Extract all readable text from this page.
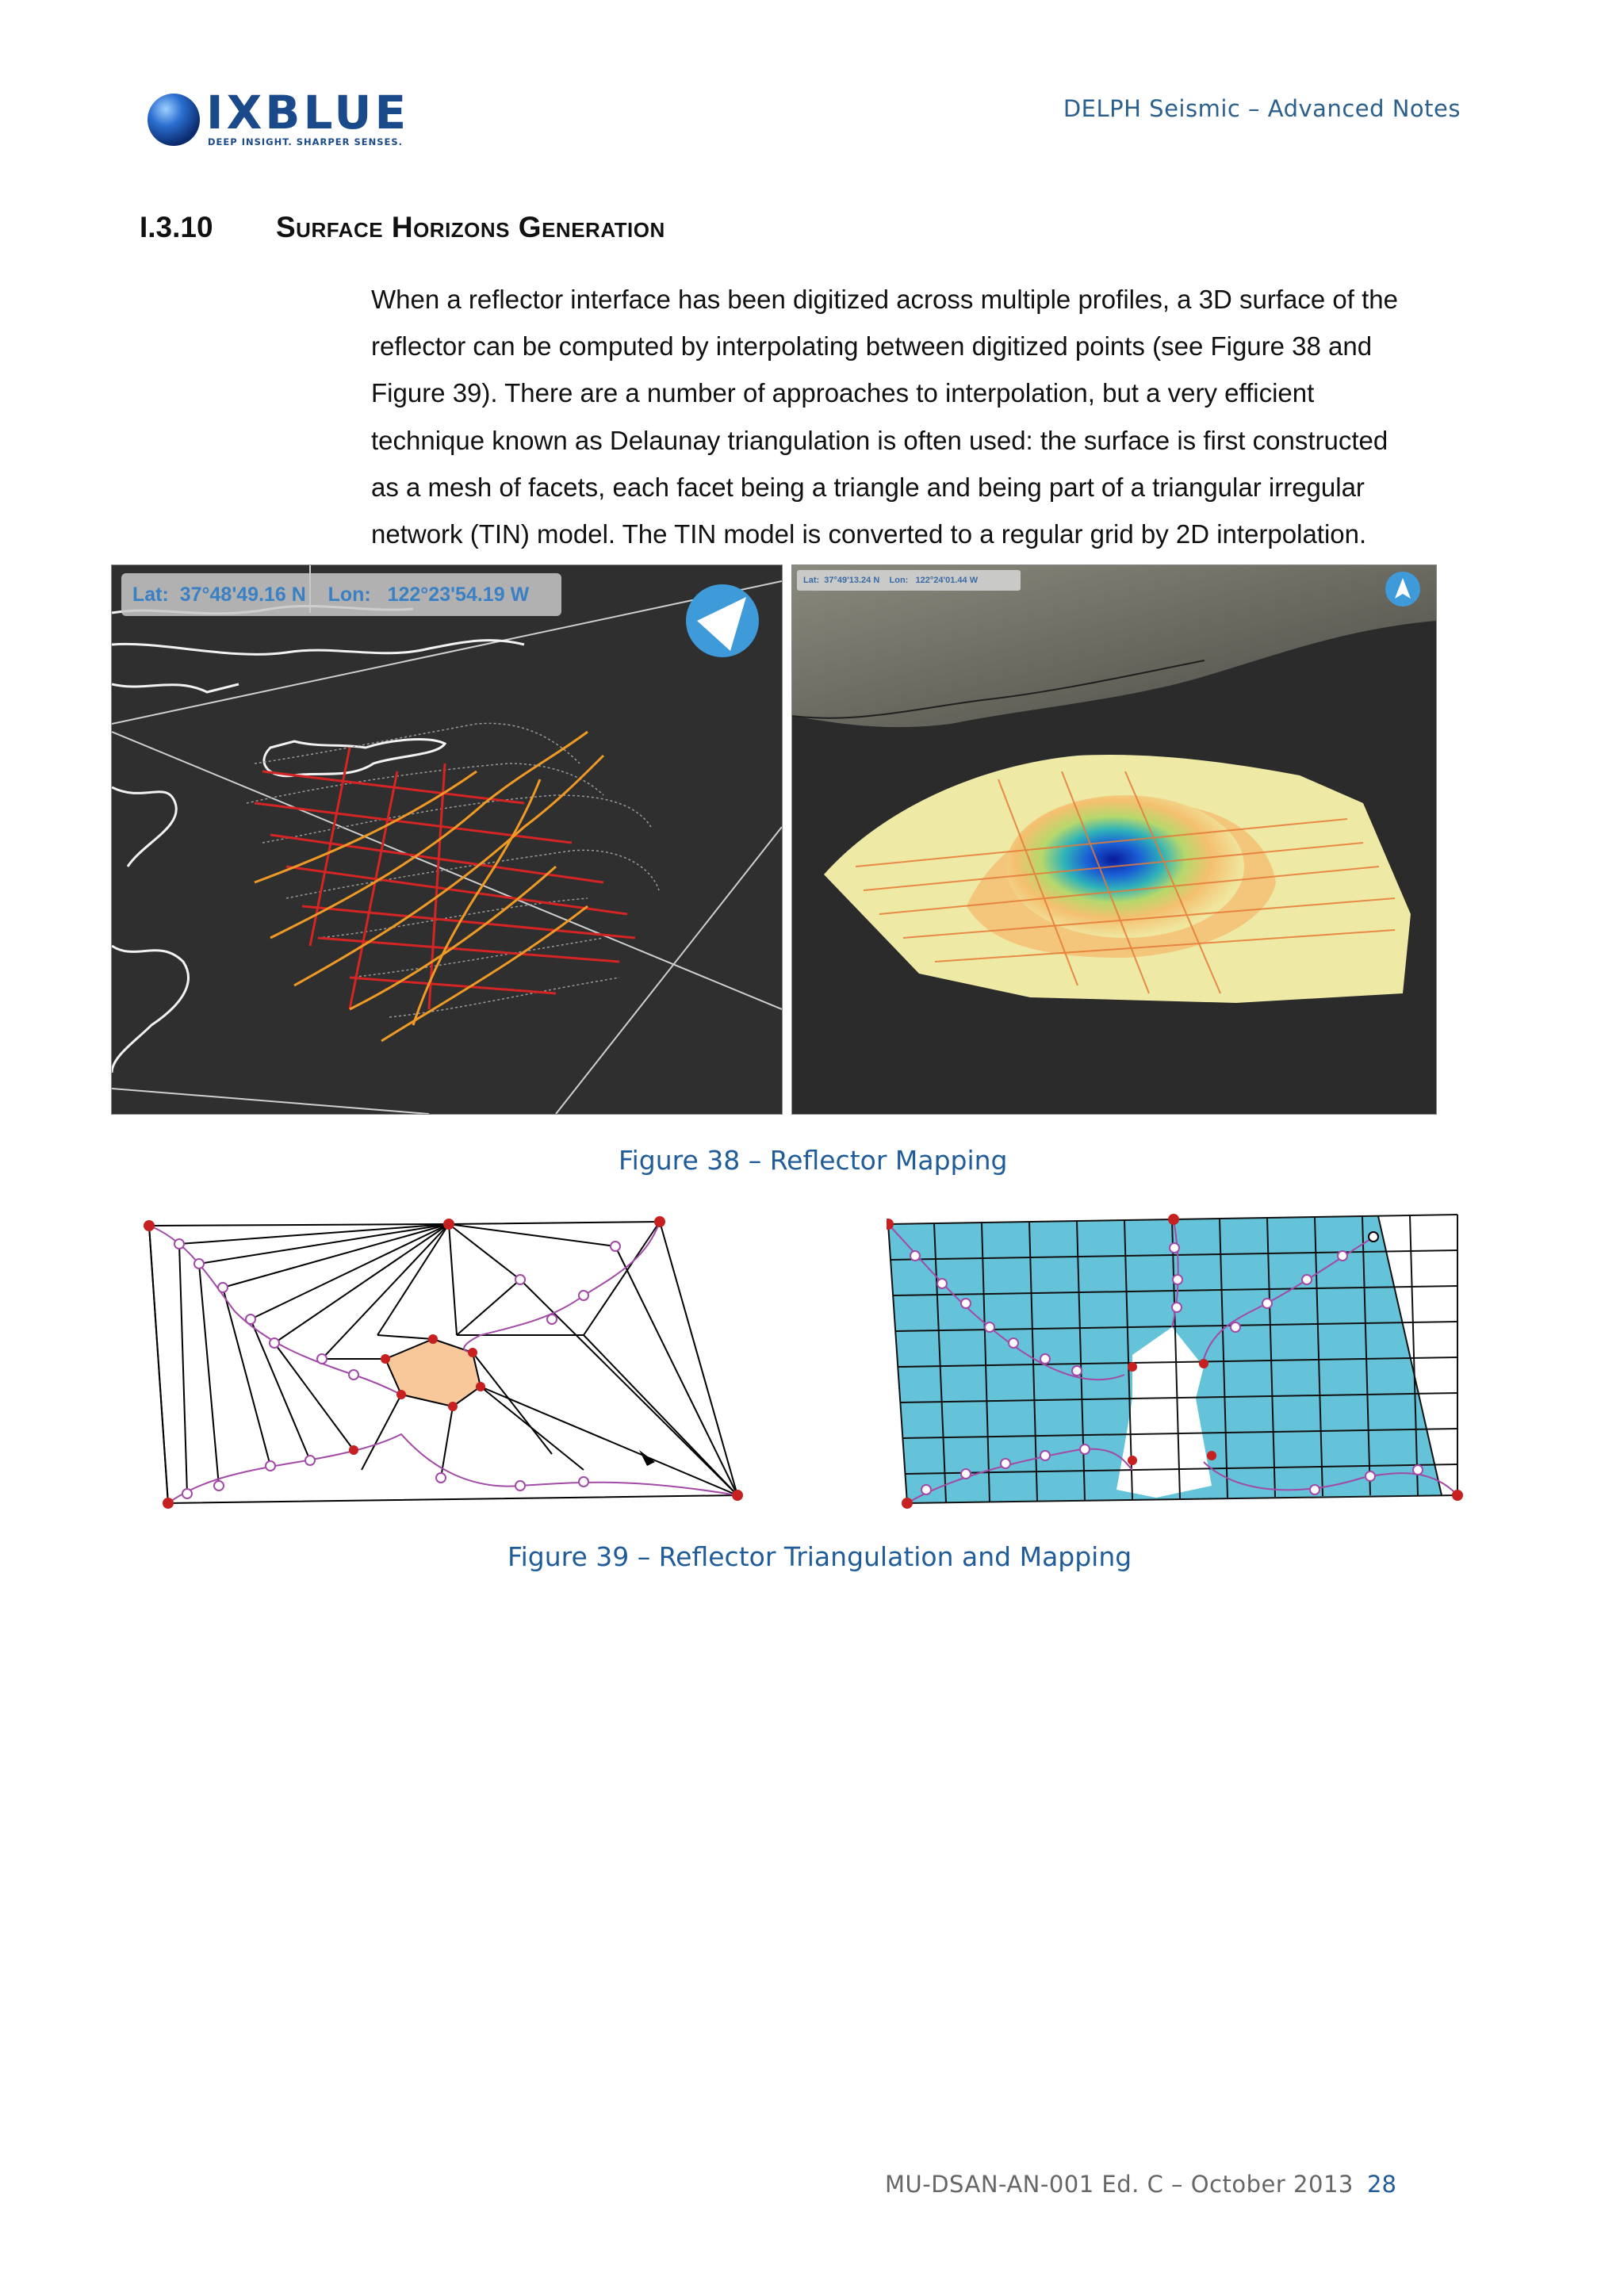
IXBLUE
DEEP INSIGHT. SHARPER SENSES.
DELPH Seismic – Advanced Notes
I.3.10 Surface Horizons Generation
When a reflector interface has been digitized across multiple profiles, a 3D surface of the
reflector can be computed by interpolating between digitized points (see Figure 38 and
Figure 39). There are a number of approaches to interpolation, but a very efficient
technique known as Delaunay triangulation is often used: the surface is first constructed
as a mesh of facets, each facet being a triangle and being part of a triangular irregular
network (TIN) model. The TIN model is converted to a regular grid by 2D interpolation.
Lat:  37°48'49.16 N    Lon:   122°23'54.19 W
Lat:  37°49'13.24 N    Lon:   122°24'01.44 W
Figure 38 – Reflector Mapping
Figure 39 – Reflector Triangulation and Mapping
MU-DSAN-AN-001 Ed. C – October 2013 28
